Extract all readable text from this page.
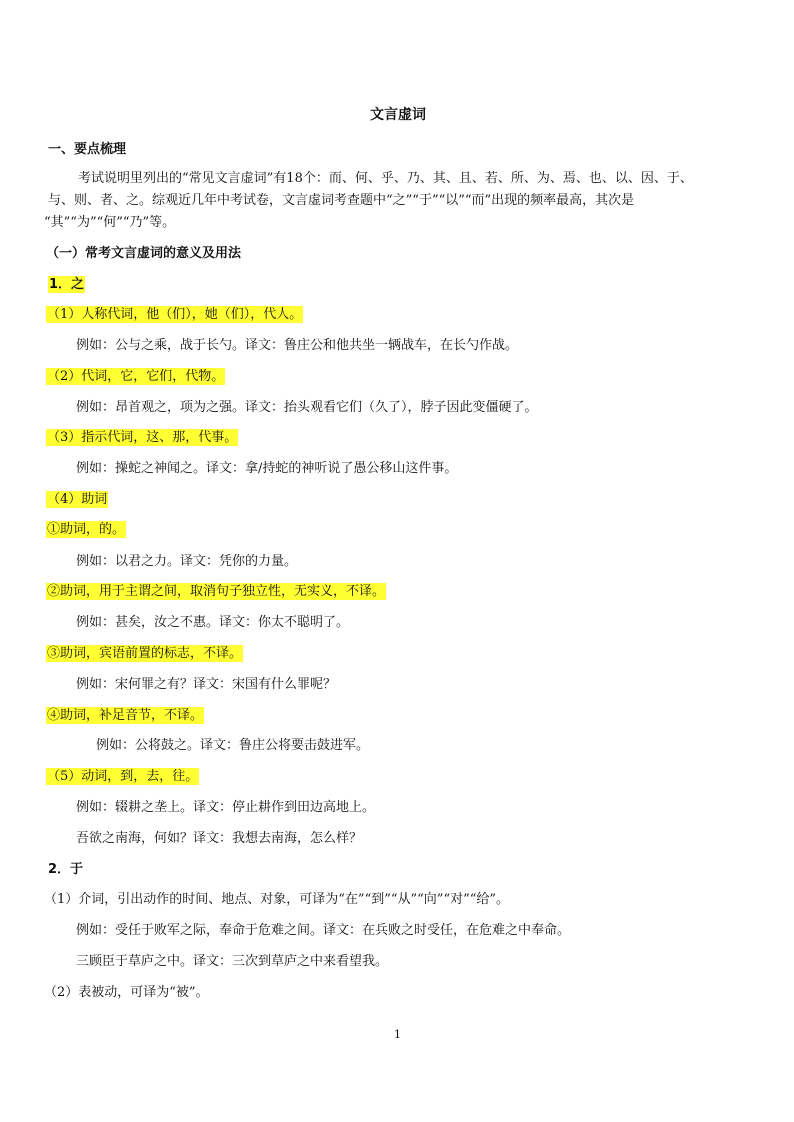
文言虚词
一、要点梳理
考试说明里列出的“常见文言虚词”有18个：而、何、乎、乃、其、且、若、所、为、焉、也、以、因、于、
与、则、者、之。综观近几年中考试卷，文言虚词考查题中“之”“于”“以”“而”出现的频率最高，其次是
“其”“为”“何”“乃”等。
（一）常考文言虚词的意义及用法
1．之
（1）人称代词，他（们），她（们），代人。
例如：公与之乘，战于长勺。译文：鲁庄公和他共坐一辆战车，在长勺作战。
（2）代词，它，它们，代物。
例如：昂首观之，项为之强。译文：抬头观看它们（久了），脖子因此变僵硬了。
（3）指示代词，这、那，代事。
例如：操蛇之神闻之。译文：拿/持蛇的神听说了愚公移山这件事。
（4）助词
①助词，的。
例如：以君之力。译文：凭你的力量。
②助词，用于主谓之间，取消句子独立性，无实义，不译。
例如：甚矣，汝之不惠。译文：你太不聪明了。
③助词，宾语前置的标志，不译。
例如：宋何罪之有？译文：宋国有什么罪呢？
④助词，补足音节，不译。
例如：公将鼓之。译文：鲁庄公将要击鼓进军。
（5）动词，到，去，往。
例如：辍耕之垄上。译文：停止耕作到田边高地上。
吾欲之南海，何如？译文：我想去南海，怎么样？
2．于
（1）介词，引出动作的时间、地点、对象，可译为“在”“到”“从”“向”“对”“给”。
例如：受任于败军之际，奉命于危难之间。译文：在兵败之时受任，在危难之中奉命。
三顾臣于草庐之中。译文：三次到草庐之中来看望我。
（2）表被动，可译为“被”。
1
